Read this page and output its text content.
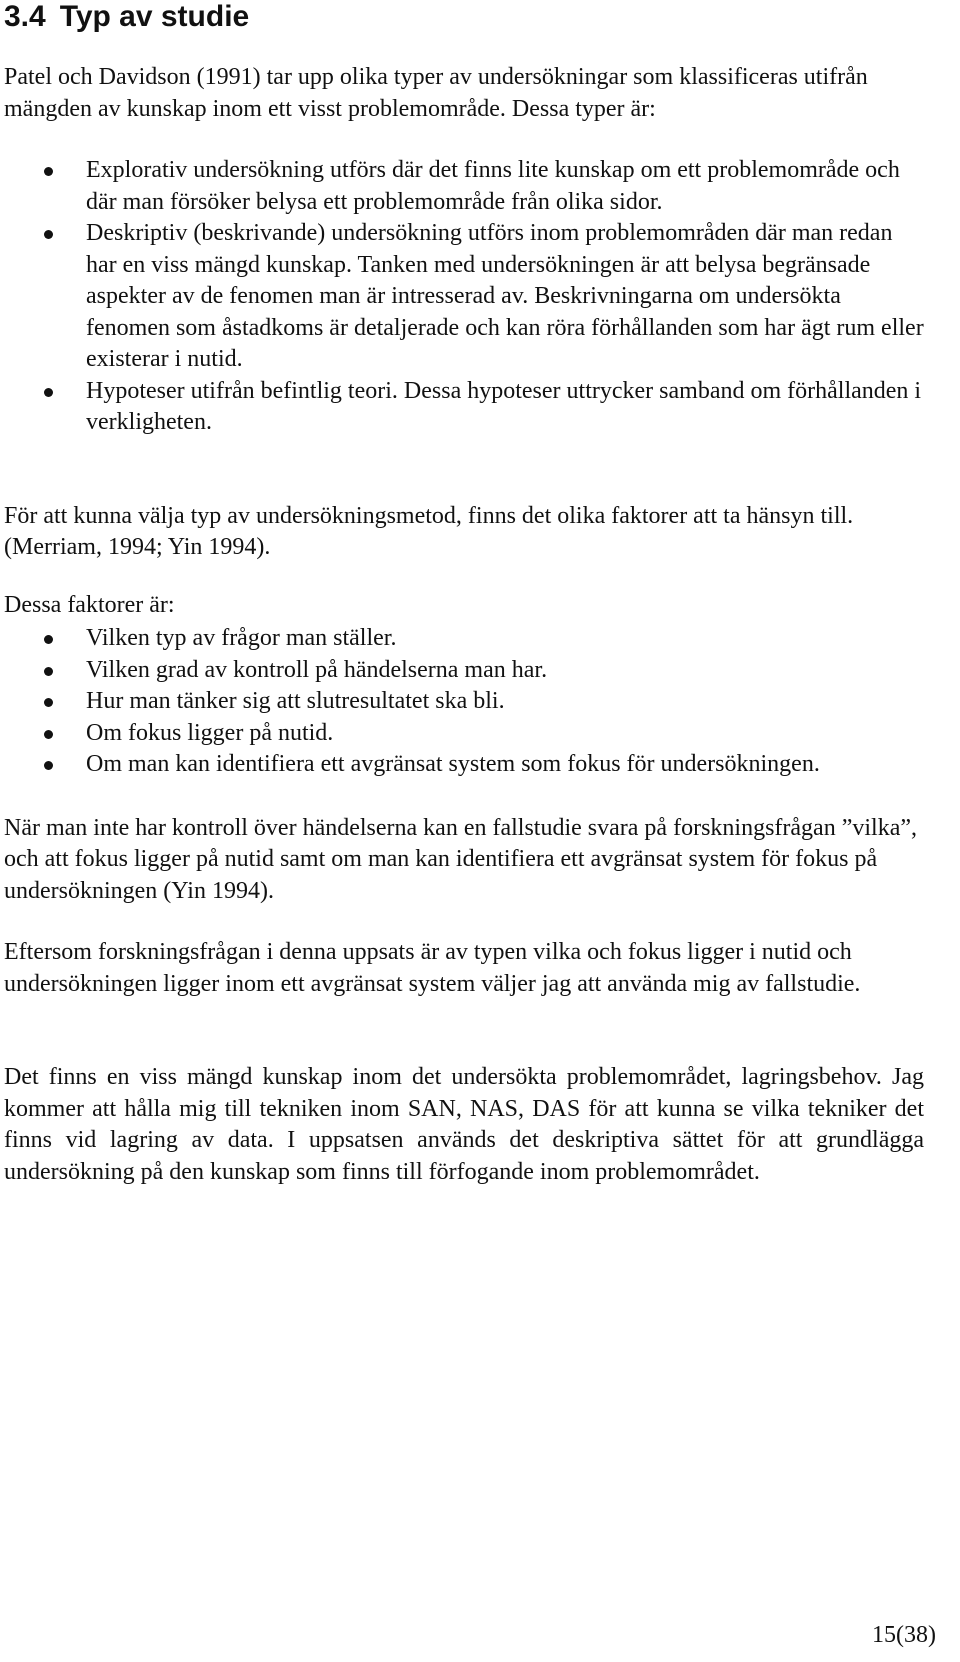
3.4 Typ av studie

Patel och Davidson (1991) tar upp olika typer av undersökningar som klassificeras utifrån mängden av kunskap inom ett visst problemområde. Dessa typer är:

Explorativ undersökning utförs där det finns lite kunskap om ett problemområde och där man försöker belysa ett problemområde från olika sidor.
Deskriptiv (beskrivande) undersökning utförs inom problemområden där man redan har en viss mängd kunskap. Tanken med undersökningen är att belysa begränsade aspekter av de fenomen man är intresserad av. Beskrivningarna om undersökta fenomen som åstadkoms är detaljerade och kan röra förhållanden som har ägt rum eller existerar i nutid.
Hypoteser utifrån befintlig teori. Dessa hypoteser uttrycker samband om förhållanden i verkligheten.

För att kunna välja typ av undersökningsmetod, finns det olika faktorer att ta hänsyn till. (Merriam, 1994; Yin 1994).

Dessa faktorer är:

Vilken typ av frågor man ställer.
Vilken grad av kontroll på händelserna man har.
Hur man tänker sig att slutresultatet ska bli.
Om fokus ligger på nutid.
Om man kan identifiera ett avgränsat system som fokus för undersökningen.

När man inte har kontroll över händelserna kan en fallstudie svara på forskningsfrågan ”vilka”, och att fokus ligger på nutid samt om man kan identifiera ett avgränsat system för fokus på undersökningen (Yin 1994).

Eftersom forskningsfrågan i denna uppsats är av typen vilka och fokus ligger i nutid och undersökningen ligger inom ett avgränsat system väljer jag att använda mig av fallstudie.

Det finns en viss mängd kunskap inom det undersökta problemområdet, lagringsbehov. Jag kommer att hålla mig till tekniken inom SAN, NAS, DAS för att kunna se vilka tekniker det finns vid lagring av data. I uppsatsen används det deskriptiva sättet för att grundlägga undersökning på den kunskap som finns till förfogande inom problemområdet.

15(38)
